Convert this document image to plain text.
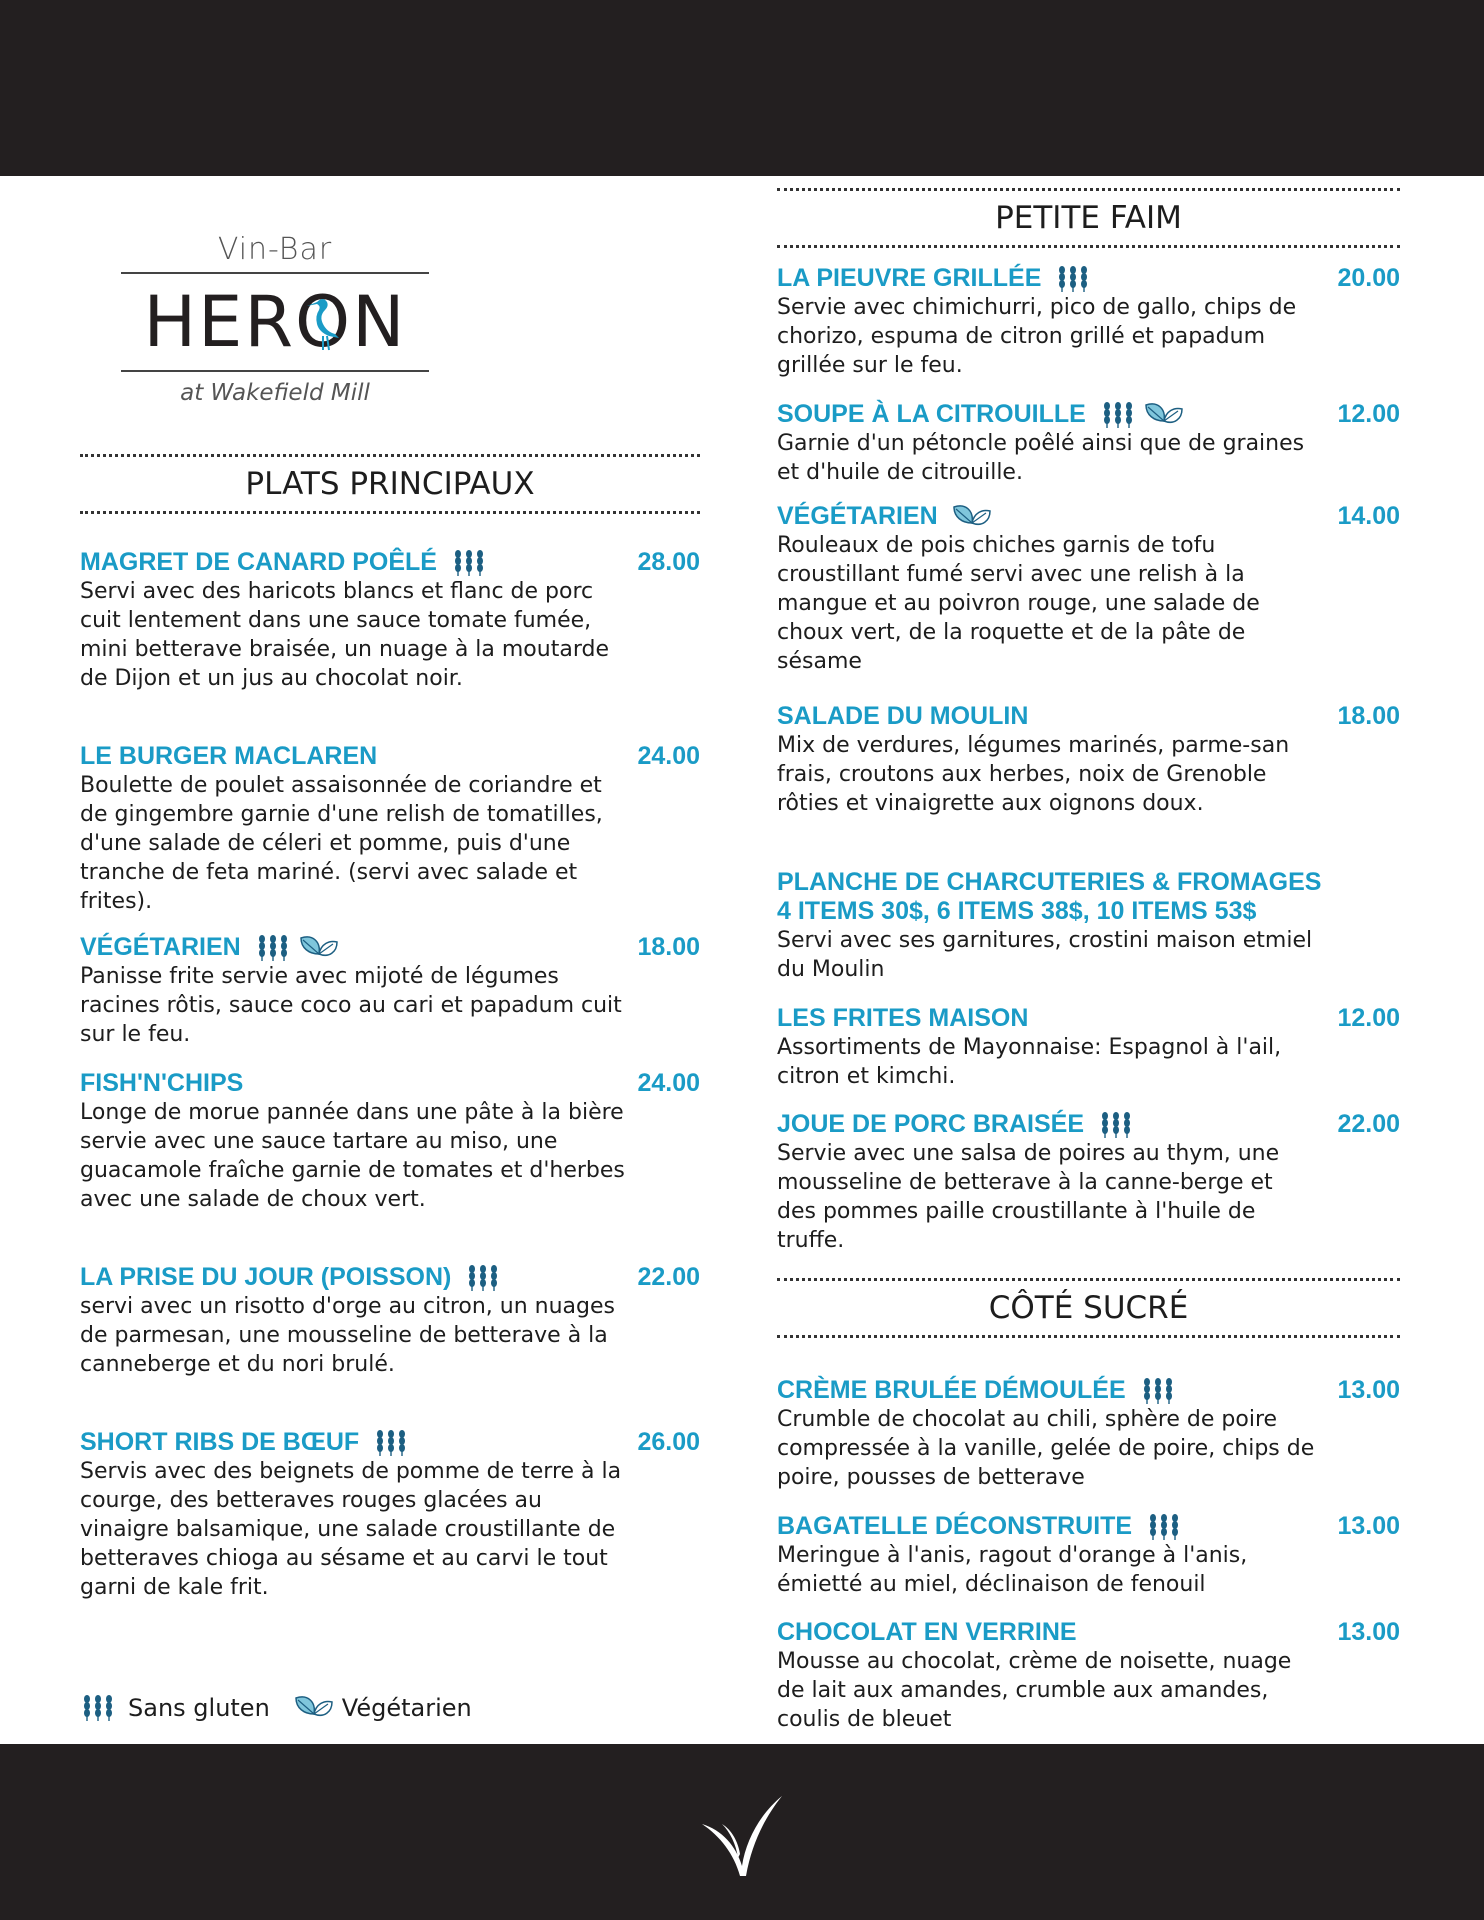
Vin-Bar
HERON
at Wakefield Mill
PLATS PRINCIPAUX
MAGRET DE CANARD POÊLÉ	28.00
Servi avec des haricots blancs et flanc de porc cuit lentement dans une sauce tomate fumée, mini betterave braisée, un nuage à la moutarde de Dijon et un jus au chocolat noir.
LE BURGER MACLAREN	24.00
Boulette de poulet assaisonnée de coriandre et de gingembre garnie d'une relish de tomatilles, d'une salade de céleri et pomme, puis d'une tranche de feta mariné. (servi avec salade et frites).
VÉGÉTARIEN	18.00
Panisse frite servie avec mijoté de légumes racines rôtis, sauce coco au cari et papadum cuit sur le feu.
FISH'N'CHIPS	24.00
Longe de morue pannée dans une pâte à la bière servie avec une sauce tartare au miso, une guacamole fraîche garnie de tomates et d'herbes avec une salade de choux vert.
LA PRISE DU JOUR (POISSON)	22.00
servi avec un risotto d'orge au citron, un nuages de parmesan, une mousseline de betterave à la canneberge et du nori brulé.
SHORT RIBS DE BŒUF	26.00
Servis avec des beignets de pomme de terre à la courge, des betteraves rouges glacées au vinaigre balsamique, une salade croustillante de betteraves chioga au sésame et au carvi le tout garni de kale frit.
PETITE FAIM
LA PIEUVRE GRILLÉE	20.00
Servie avec chimichurri, pico de gallo, chips de chorizo, espuma de citron grillé et papadum grillée sur le feu.
SOUPE À LA CITROUILLE	12.00
Garnie d'un pétoncle poêlé ainsi que de graines et d'huile de citrouille.
VÉGÉTARIEN	14.00
Rouleaux de pois chiches garnis de tofu croustillant fumé servi avec une relish à la mangue et au poivron rouge, une salade de choux vert, de la roquette et de la pâte de sésame
SALADE DU MOULIN	18.00
Mix de verdures, légumes marinés, parme-san frais, croutons aux herbes, noix de Grenoble rôties et vinaigrette aux oignons doux.
PLANCHE DE CHARCUTERIES & FROMAGES
4 ITEMS 30$, 6 ITEMS 38$, 10 ITEMS 53$
Servi avec ses garnitures, crostini maison etmiel du Moulin
LES FRITES MAISON	12.00
Assortiments de Mayonnaise: Espagnol à l'ail, citron et kimchi.
JOUE DE PORC BRAISÉE	22.00
Servie avec une salsa de poires au thym, une mousseline de betterave à la canne-berge et des pommes paille croustillante à l'huile de truffe.
CÔTÉ SUCRÉ
CRÈME BRULÉE DÉMOULÉE	13.00
Crumble de chocolat au chili, sphère de poire compressée à la vanille, gelée de poire, chips de poire, pousses de betterave
BAGATELLE DÉCONSTRUITE	13.00
Meringue à l'anis, ragout d'orange à l'anis, émietté au miel, déclinaison de fenouil
CHOCOLAT EN VERRINE	13.00
Mousse au chocolat, crème de noisette, nuage de lait aux amandes, crumble aux amandes, coulis de bleuet
Sans gluten	Végétarien
